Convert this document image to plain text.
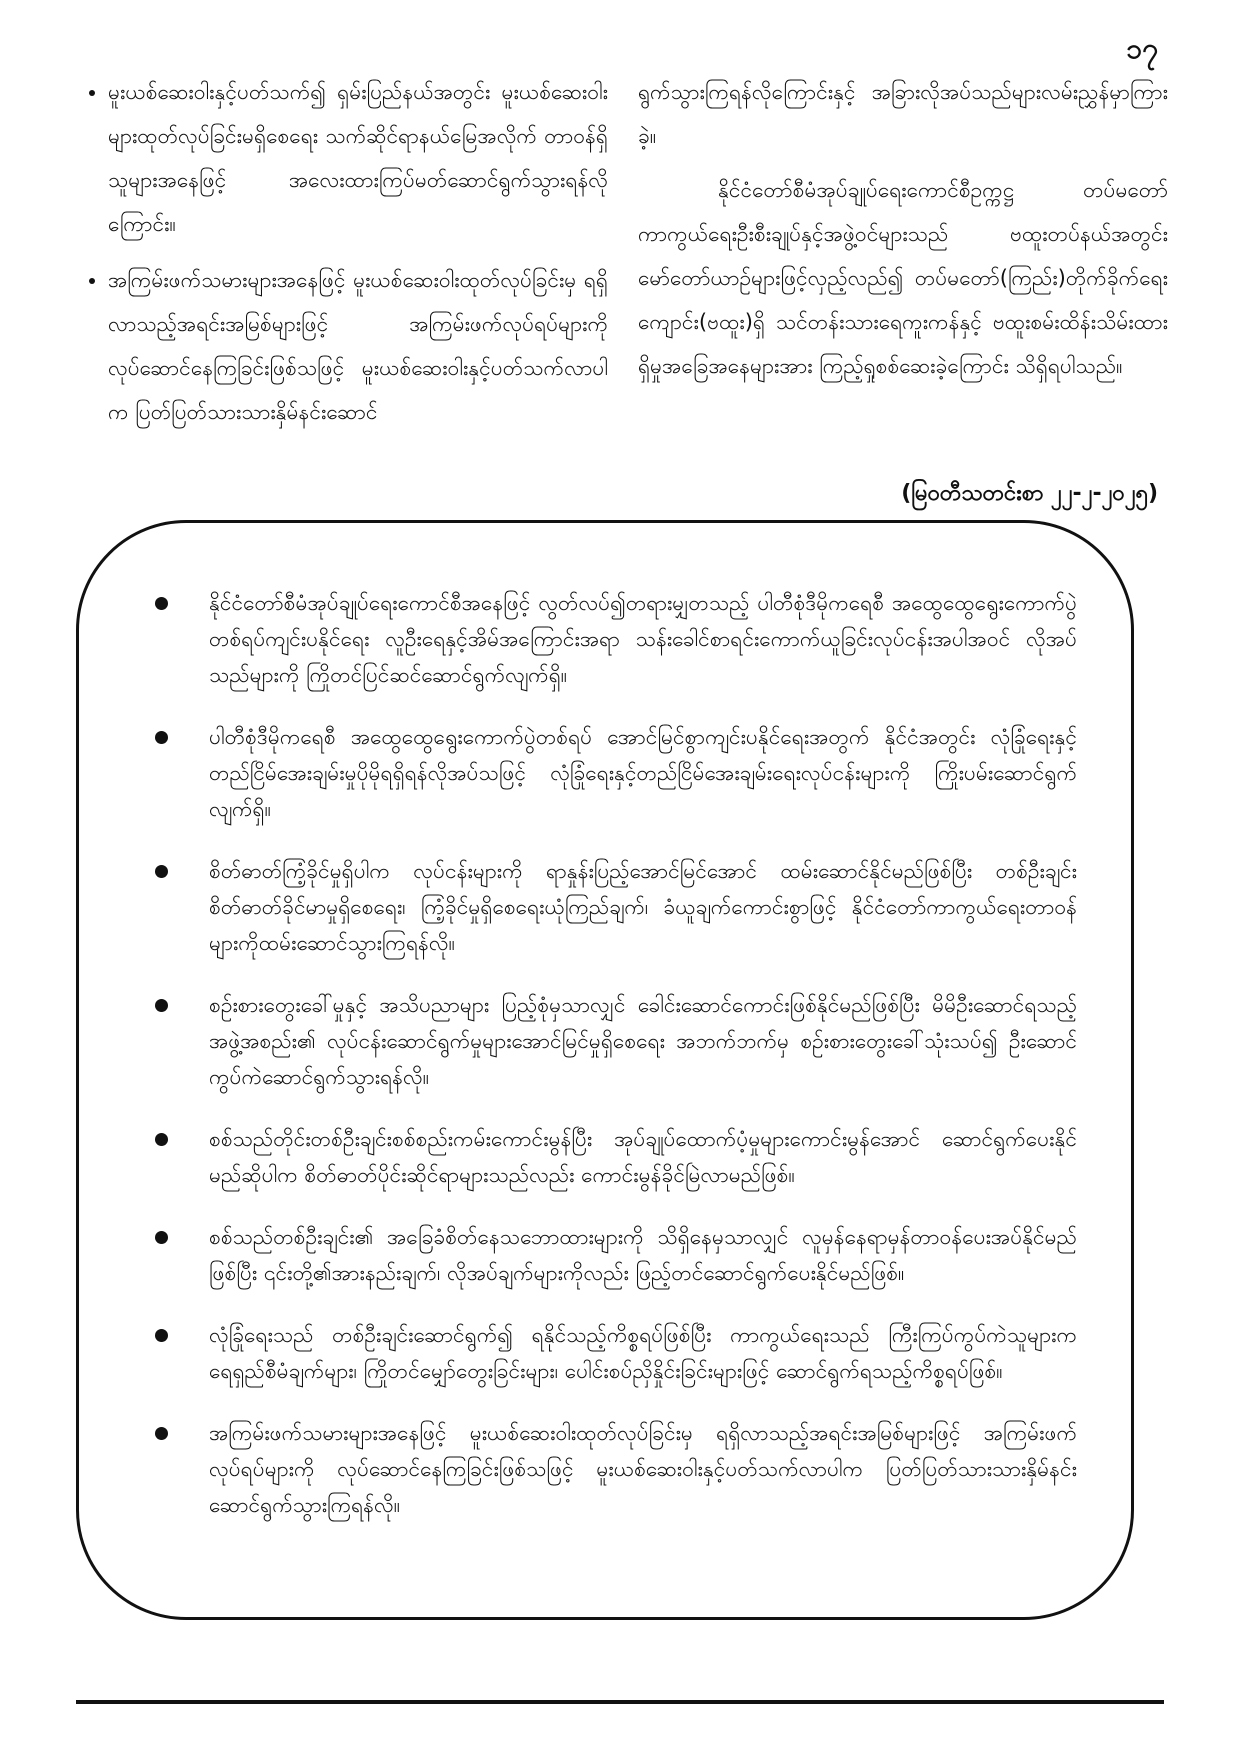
၁၇
• မူးယစ်ဆေးဝါးနှင့်ပတ်သက်၍ ရှမ်းပြည်နယ်အတွင်း မူးယစ်ဆေးဝါးများထုတ်လုပ်ခြင်းမရှိစေရေး သက်ဆိုင်ရာနယ်မြေအလိုက် တာဝန်ရှိသူများအနေဖြင့် အလေးထားကြပ်မတ်ဆောင်ရွက်သွားရန်လိုကြောင်း။
• အကြမ်းဖက်သမားများအနေဖြင့် မူးယစ်ဆေးဝါးထုတ်လုပ်ခြင်းမှ ရရှိလာသည့်အရင်းအမြစ်များဖြင့် အကြမ်းဖက်လုပ်ရပ်များကို လုပ်ဆောင်နေကြခြင်းဖြစ်သဖြင့် မူးယစ်ဆေးဝါးနှင့်ပတ်သက်လာပါက ပြတ်ပြတ်သားသားနှိမ်နင်းဆောင်

ရွက်သွားကြရန်လိုကြောင်းနှင့် အခြားလိုအပ်သည်များလမ်းညွှန်မှာကြားခဲ့။

နိုင်ငံတော်စီမံအုပ်ချုပ်ရေးကောင်စီဥက္ကဋ္ဌ တပ်မတော်ကာကွယ်ရေးဦးစီးချုပ်နှင့်အဖွဲ့ဝင်များသည် ဗထူးတပ်နယ်အတွင်း မော်တော်ယာဉ်များဖြင့်လှည့်လည်၍ တပ်မတော်(ကြည်း)တိုက်ခိုက်ရေးကျောင်း(ဗထူး)ရှိ သင်တန်းသားရေကူးကန်နှင့် ဗထူးစမ်းထိန်းသိမ်းထားရှိမှုအခြေအနေများအား ကြည့်ရှုစစ်ဆေးခဲ့ကြောင်း သိရှိရပါသည်။

(မြဝတီသတင်းစာ ၂၂-၂-၂၀၂၅)
နိုင်ငံတော်စီမံအုပ်ချုပ်ရေးကောင်စီအနေဖြင့် လွတ်လပ်၍တရားမျှတသည့် ပါတီစုံဒီမိုကရေစီ အထွေထွေရွေးကောက်ပွဲတစ်ရပ်ကျင်းပနိုင်ရေး လူဦးရေနှင့်အိမ်အကြောင်းအရာ သန်းခေါင်စာရင်းကောက်ယူခြင်းလုပ်ငန်းအပါအဝင် လိုအပ်သည်များကို ကြိုတင်ပြင်ဆင်ဆောင်ရွက်လျက်ရှိ။
ပါတီစုံဒီမိုကရေစီ အထွေထွေရွေးကောက်ပွဲတစ်ရပ် အောင်မြင်စွာကျင်းပနိုင်ရေးအတွက် နိုင်ငံအတွင်း လုံခြုံရေးနှင့် တည်ငြိမ်အေးချမ်းမှုပိုမိုရရှိရန်လိုအပ်သဖြင့် လုံခြုံရေးနှင့်တည်ငြိမ်အေးချမ်းရေးလုပ်ငန်းများကို ကြိုးပမ်းဆောင်ရွက်လျက်ရှိ။
စိတ်ဓာတ်ကြံ့ခိုင်မှုရှိပါက လုပ်ငန်းများကို ရာနှုန်းပြည့်အောင်မြင်အောင် ထမ်းဆောင်နိုင်မည်ဖြစ်ပြီး တစ်ဦးချင်းစိတ်ဓာတ်ခိုင်မာမှုရှိစေရေး၊ ကြံ့ခိုင်မှုရှိစေရေးယုံကြည်ချက်၊ ခံယူချက်ကောင်းစွာဖြင့် နိုင်ငံတော်ကာကွယ်ရေးတာဝန်များကိုထမ်းဆောင်သွားကြရန်လို။
စဉ်းစားတွေးခေါ်မှုနှင့် အသိပညာများ ပြည့်စုံမှသာလျှင် ခေါင်းဆောင်ကောင်းဖြစ်နိုင်မည်ဖြစ်ပြီး မိမိဦးဆောင်ရသည့်အဖွဲ့အစည်း၏ လုပ်ငန်းဆောင်ရွက်မှုများအောင်မြင်မှုရှိစေရေး အဘက်ဘက်မှ စဉ်းစားတွေးခေါ်သုံးသပ်၍ ဦးဆောင်ကွပ်ကဲဆောင်ရွက်သွားရန်လို။
စစ်သည်တိုင်းတစ်ဦးချင်းစစ်စည်းကမ်းကောင်းမွန်ပြီး အုပ်ချုပ်ထောက်ပံ့မှုများကောင်းမွန်အောင် ဆောင်ရွက်ပေးနိုင်မည်ဆိုပါက စိတ်ဓာတ်ပိုင်းဆိုင်ရာများသည်လည်း ကောင်းမွန်ခိုင်မြဲလာမည်ဖြစ်။
စစ်သည်တစ်ဦးချင်း၏ အခြေခံစိတ်နေသဘောထားများကို သိရှိနေမှသာလျှင် လူမှန်နေရာမှန်တာဝန်ပေးအပ်နိုင်မည်ဖြစ်ပြီး ၎င်းတို့၏အားနည်းချက်၊ လိုအပ်ချက်များကိုလည်း ဖြည့်တင်ဆောင်ရွက်ပေးနိုင်မည်ဖြစ်။
လုံခြုံရေးသည် တစ်ဦးချင်းဆောင်ရွက်၍ ရနိုင်သည့်ကိစ္စရပ်ဖြစ်ပြီး ကာကွယ်ရေးသည် ကြီးကြပ်ကွပ်ကဲသူများက ရေရှည်စီမံချက်များ၊ ကြိုတင်မျှော်တွေးခြင်းများ၊ ပေါင်းစပ်ညှိနှိုင်းခြင်းများဖြင့် ဆောင်ရွက်ရသည့်ကိစ္စရပ်ဖြစ်။
အကြမ်းဖက်သမားများအနေဖြင့် မူးယစ်ဆေးဝါးထုတ်လုပ်ခြင်းမှ ရရှိလာသည့်အရင်းအမြစ်များဖြင့် အကြမ်းဖက်လုပ်ရပ်များကို လုပ်ဆောင်နေကြခြင်းဖြစ်သဖြင့် မူးယစ်ဆေးဝါးနှင့်ပတ်သက်လာပါက ပြတ်ပြတ်သားသားနှိမ်နင်းဆောင်ရွက်သွားကြရန်လို။
